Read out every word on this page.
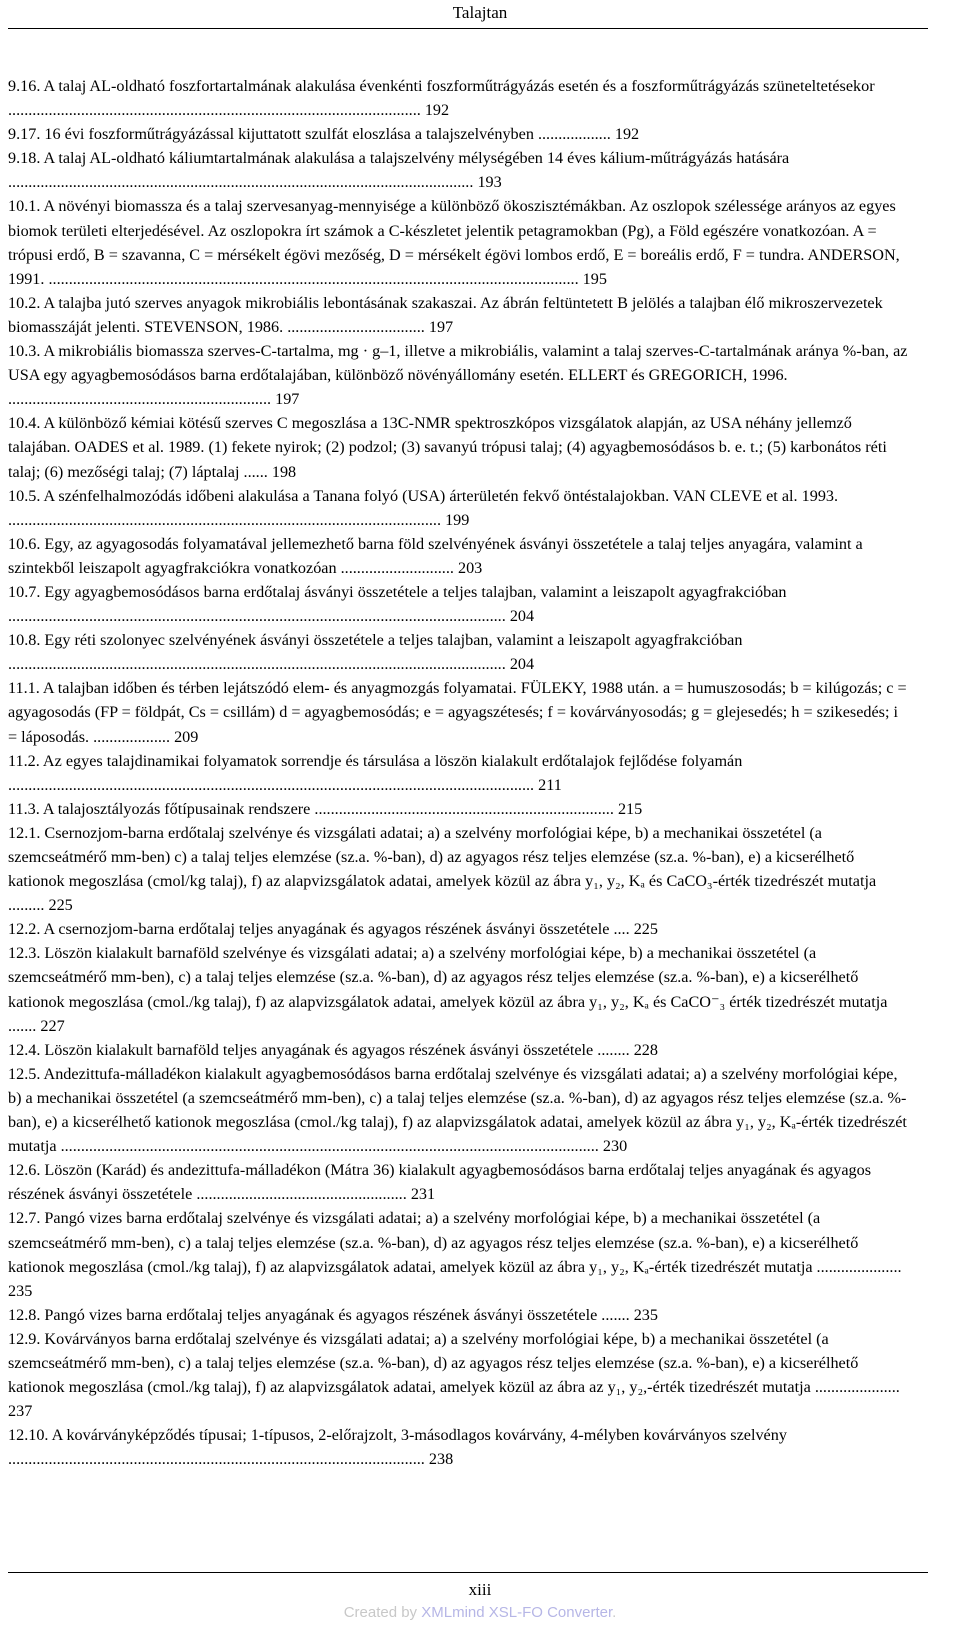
Talajtan

9.16. A talaj AL-oldható foszfortartalmának alakulása évenkénti foszforműtrágyázás esetén és a foszforműtrágyázás szüneteltetésekor ...................................................................................................... 192

9.17. 16 évi foszforműtrágyázással kijuttatott szulfát eloszlása a talajszelvényben .................. 192

9.18. A talaj AL-oldható káliumtartalmának alakulása a talajszelvény mélységében 14 éves kálium-műtrágyázás hatására ................................................................................................................... 193

10.1. A növényi biomassza és a talaj szervesanyag-mennyisége a különböző ökoszisztémákban. Az oszlopok szélessége arányos az egyes biomok területi elterjedésével. Az oszlopokra írt számok a C-készletet jelentik petagramokban (Pg), a Föld egészére vonatkozóan. A = trópusi erdő, B = szavanna, C = mérsékelt égövi mezőség, D = mérsékelt égövi lombos erdő, E = boreális erdő, F = tundra. ANDERSON, 1991. ................................................................................................................................... 195

10.2. A talajba jutó szerves anyagok mikrobiális lebontásának szakaszai. Az ábrán feltüntetett B jelölés a talajban élő mikroszervezetek biomasszáját jelenti. STEVENSON, 1986. .................................. 197

10.3. A mikrobiális biomassza szerves-C-tartalma, mg · g–1, illetve a mikrobiális, valamint a talaj szerves-C-tartalmának aránya %-ban, az USA egy agyagbemosódásos barna erdőtalajában, különböző növényállomány esetén. ELLERT és GREGORICH, 1996. ................................................................. 197

10.4. A különböző kémiai kötésű szerves C megoszlása a 13C-NMR spektroszkópos vizsgálatok alapján, az USA néhány jellemző talajában. OADES et al. 1989. (1) fekete nyirok; (2) podzol; (3) savanyú trópusi talaj; (4) agyagbemosódásos b. e. t.; (5) karbonátos réti talaj; (6) mezőségi talaj; (7) láptalaj ...... 198

10.5. A szénfelhalmozódás időbeni alakulása a Tanana folyó (USA) árterületén fekvő öntéstalajokban. VAN CLEVE et al. 1993. ........................................................................................................... 199

10.6. Egy, az agyagosodás folyamatával jellemezhető barna föld szelvényének ásványi összetétele a talaj teljes anyagára, valamint a szintekből leiszapolt agyagfrakciókra vonatkozóan ............................ 203

10.7. Egy agyagbemosódásos barna erdőtalaj ásványi összetétele a teljes talajban, valamint a leiszapolt agyagfrakcióban ........................................................................................................................... 204

10.8. Egy réti szolonyec szelvényének ásványi összetétele a teljes talajban, valamint a leiszapolt agyagfrakcióban ........................................................................................................................... 204

11.1. A talajban időben és térben lejátszódó elem- és anyagmozgás folyamatai. FÜLEKY, 1988 után. a = humuszosodás; b = kilúgozás; c = agyagosodás (FP = földpát, Cs = csillám) d = agyagbemosódás; e = agyagszétesés; f = kovárványosodás; g = glejesedés; h = szikesedés; i = láposodás. ................... 209

11.2. Az egyes talajdinamikai folyamatok sorrendje és társulása a löszön kialakult erdőtalajok fejlődése folyamán .................................................................................................................................. 211

11.3. A talajosztályozás főtípusainak rendszere .......................................................................... 215

12.1. Csernozjom-barna erdőtalaj szelvénye és vizsgálati adatai; a) a szelvény morfológiai képe, b) a mechanikai összetétel (a szemcseátmérő mm-ben) c) a talaj teljes elemzése (sz.a. %-ban), d) az agyagos rész teljes elemzése (sz.a. %-ban), e) a kicserélhető kationok megoszlása (cmol/kg talaj), f) az alapvizsgálatok adatai, amelyek közül az ábra y₁, y₂, Kₐ és CaCO₃-érték tizedrészét mutatja ......... 225

12.2. A csernozjom-barna erdőtalaj teljes anyagának és agyagos részének ásványi összetétele .... 225

12.3. Löszön kialakult barnaföld szelvénye és vizsgálati adatai; a) a szelvény morfológiai képe, b) a mechanikai összetétel (a szemcseátmérő mm-ben), c) a talaj teljes elemzése (sz.a. %-ban), d) az agyagos rész teljes elemzése (sz.a. %-ban), e) a kicserélhető kationok megoszlása (cmol./kg talaj), f) az alapvizsgálatok adatai, amelyek közül az ábra y₁, y₂, Kₐ és CaCO⁻₃ érték tizedrészét mutatja ....... 227

12.4. Löszön kialakult barnaföld teljes anyagának és agyagos részének ásványi összetétele ........ 228

12.5. Andezittufa-málladékon kialakult agyagbemosódásos barna erdőtalaj szelvénye és vizsgálati adatai; a) a szelvény morfológiai képe, b) a mechanikai összetétel (a szemcseátmérő mm-ben), c) a talaj teljes elemzése (sz.a. %-ban), d) az agyagos rész teljes elemzése (sz.a. %-ban), e) a kicserélhető kationok megoszlása (cmol./kg talaj), f) az alapvizsgálatok adatai, amelyek közül az ábra y₁, y₂, Kₐ-érték tizedrészét mutatja ..................................................................................................................................... 230

12.6. Löszön (Karád) és andezittufa-málladékon (Mátra 36) kialakult agyagbemosódásos barna erdőtalaj teljes anyagának és agyagos részének ásványi összetétele .................................................... 231

12.7. Pangó vizes barna erdőtalaj szelvénye és vizsgálati adatai; a) a szelvény morfológiai képe, b) a mechanikai összetétel (a szemcseátmérő mm-ben), c) a talaj teljes elemzése (sz.a. %-ban), d) az agyagos rész teljes elemzése (sz.a. %-ban), e) a kicserélhető kationok megoszlása (cmol./kg talaj), f) az alapvizsgálatok adatai, amelyek közül az ábra y₁, y₂, Kₐ-érték tizedrészét mutatja ..................... 235

12.8. Pangó vizes barna erdőtalaj teljes anyagának és agyagos részének ásványi összetétele ....... 235

12.9. Kovárványos barna erdőtalaj szelvénye és vizsgálati adatai; a) a szelvény morfológiai képe, b) a mechanikai összetétel (a szemcseátmérő mm-ben), c) a talaj teljes elemzése (sz.a. %-ban), d) az agyagos rész teljes elemzése (sz.a. %-ban), e) a kicserélhető kationok megoszlása (cmol./kg talaj), f) az alapvizsgálatok adatai, amelyek közül az ábra az y₁, y₂,-érték tizedrészét mutatja ..................... 237

12.10. A kovárványképződés típusai; 1-típusos, 2-előrajzolt, 3-másodlagos kovárvány, 4-mélyben kovárványos szelvény ....................................................................................................... 238

xiii
Created by XMLmind XSL-FO Converter.
